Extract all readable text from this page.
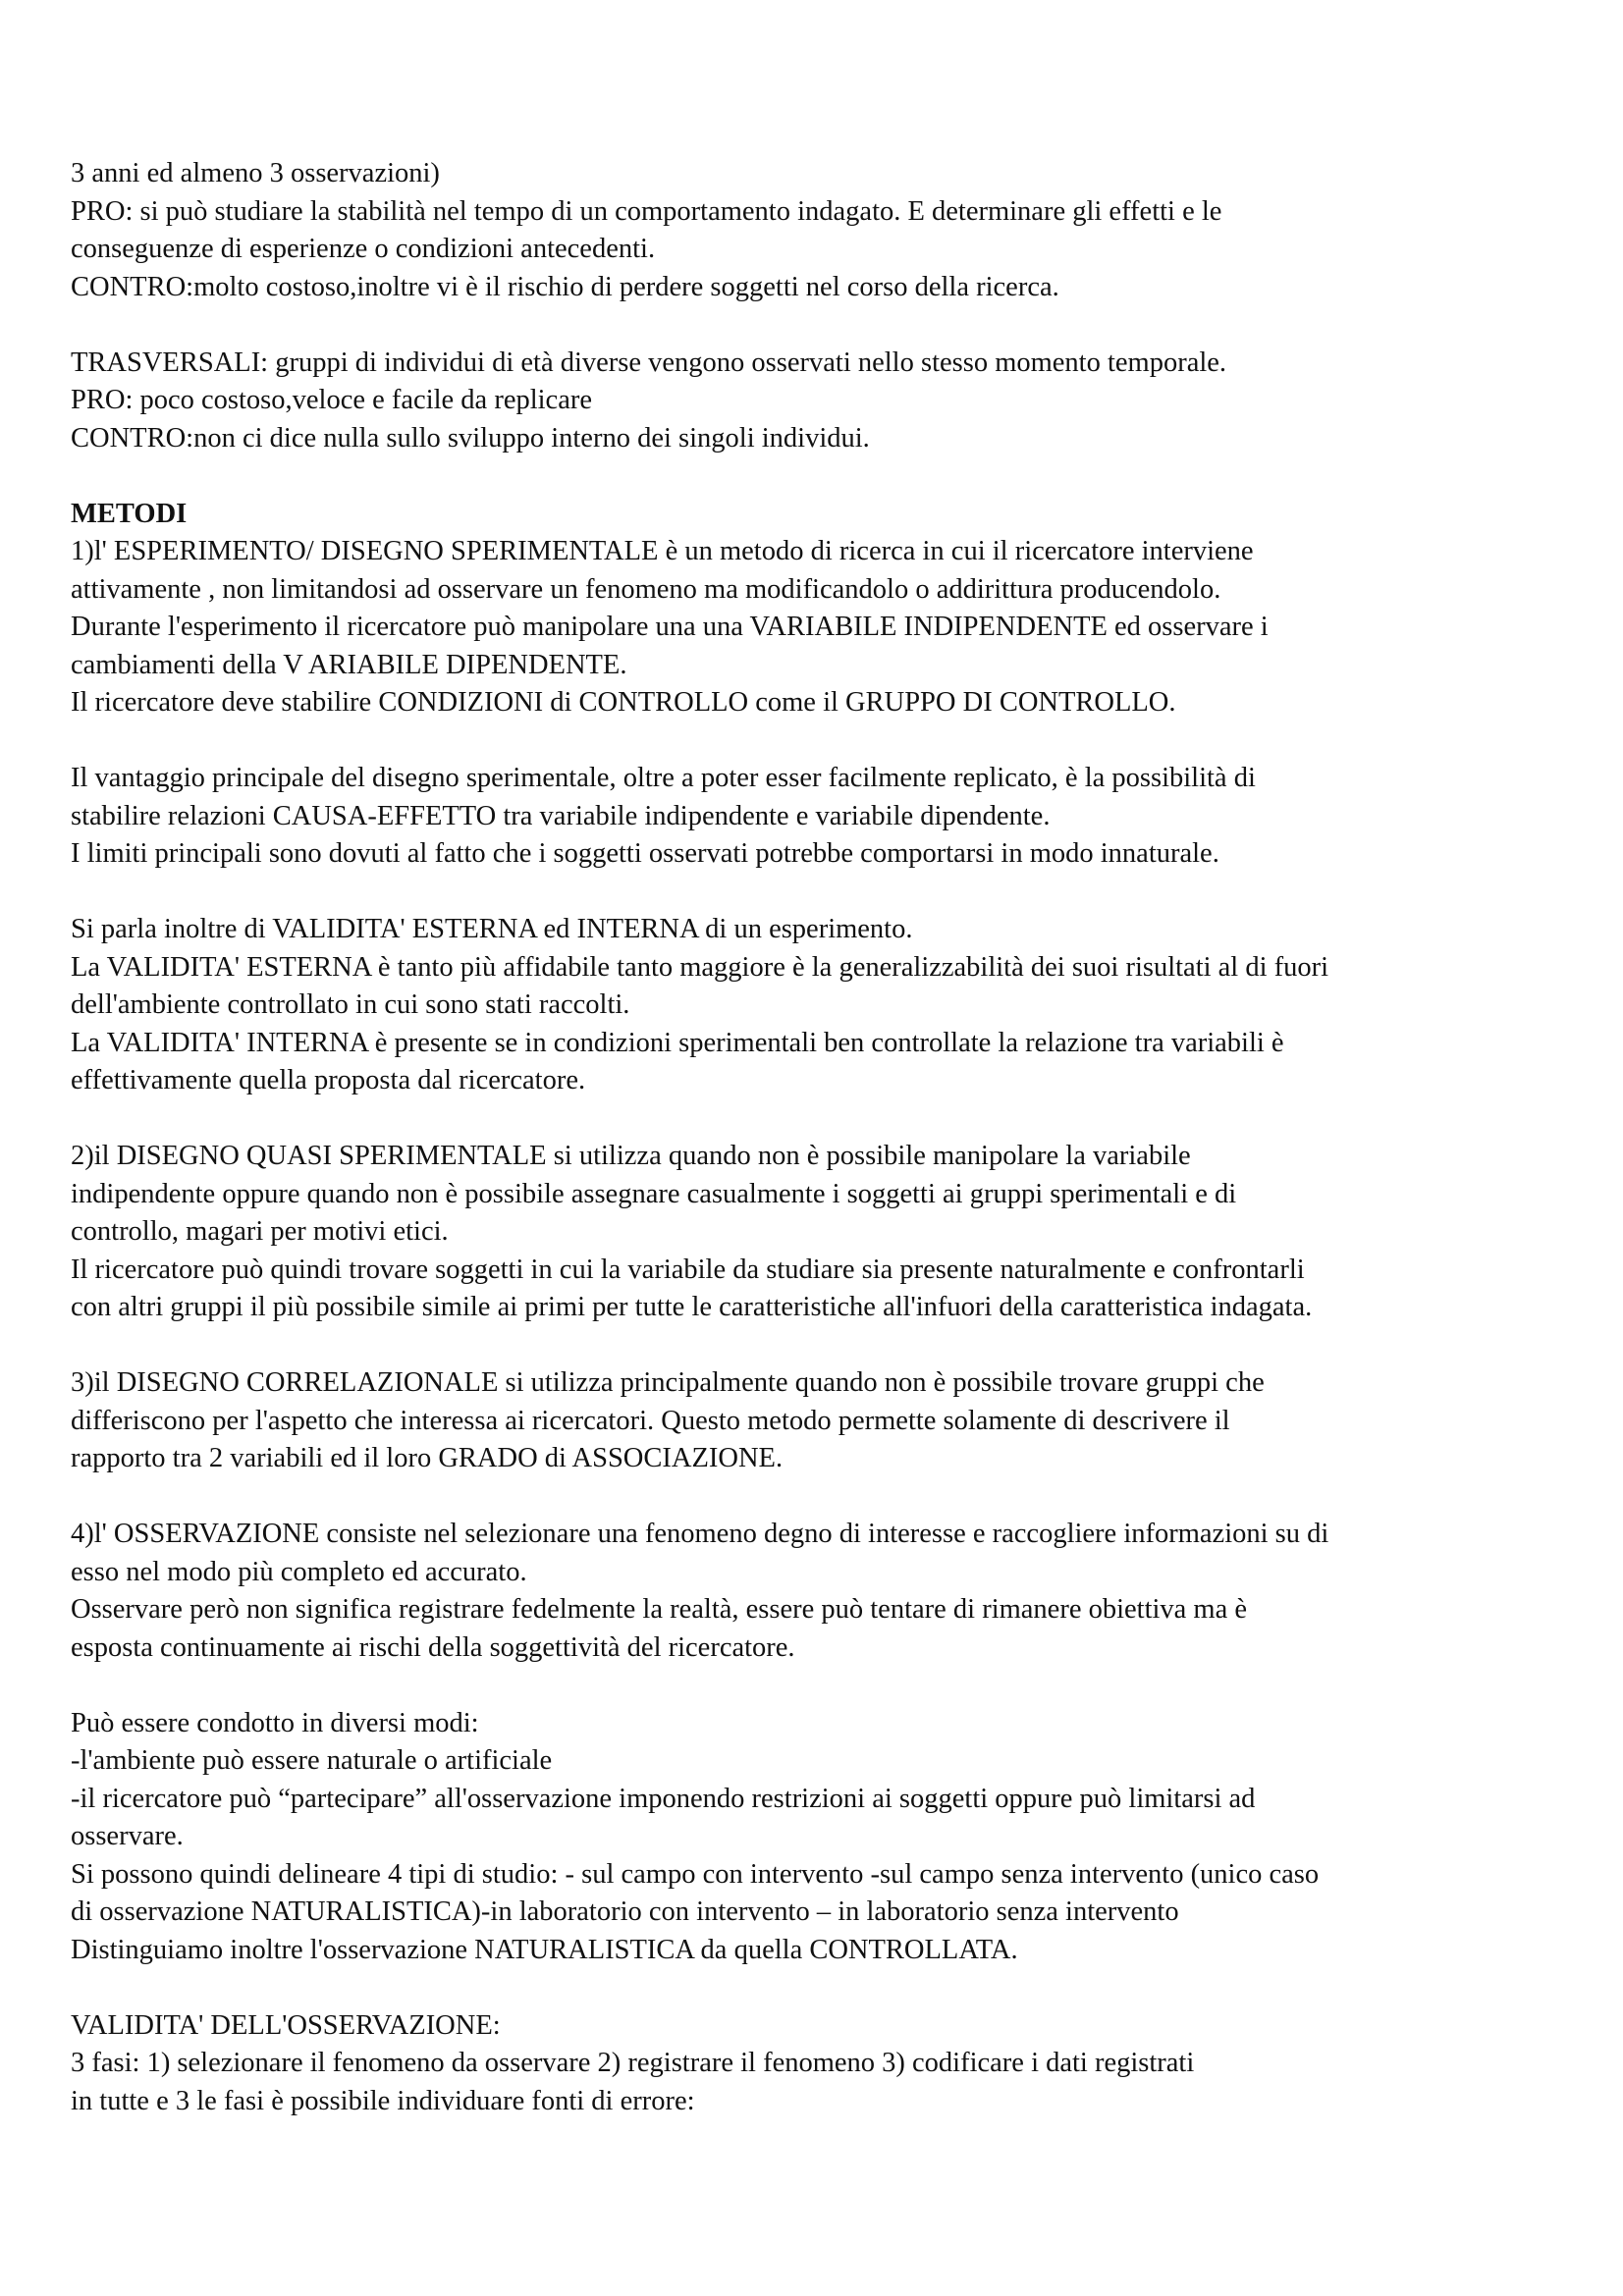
3 anni ed almeno 3 osservazioni)
PRO: si può studiare la stabilità nel tempo di un comportamento indagato. E determinare gli effetti e le
conseguenze di esperienze o condizioni antecedenti.
CONTRO:molto costoso,inoltre vi è il rischio di perdere soggetti nel corso della ricerca.
TRASVERSALI: gruppi di individui di età diverse vengono osservati nello stesso momento temporale.
PRO: poco costoso,veloce e facile da replicare
CONTRO:non ci dice nulla sullo sviluppo interno dei singoli individui.
METODI
1)l' ESPERIMENTO/ DISEGNO SPERIMENTALE è un metodo di ricerca in cui il ricercatore interviene
attivamente , non limitandosi ad osservare un fenomeno ma modificandolo o addirittura producendolo.
Durante l'esperimento il ricercatore può manipolare una una VARIABILE INDIPENDENTE ed osservare i
cambiamenti della V ARIABILE DIPENDENTE.
Il ricercatore deve stabilire CONDIZIONI di CONTROLLO come il GRUPPO DI CONTROLLO.
Il vantaggio principale del disegno sperimentale, oltre a poter esser facilmente replicato, è la possibilità di
stabilire relazioni CAUSA-EFFETTO tra variabile indipendente e variabile dipendente.
I limiti principali sono dovuti al fatto che i soggetti osservati potrebbe comportarsi in modo innaturale.
Si parla inoltre di VALIDITA' ESTERNA ed INTERNA di un esperimento.
La VALIDITA' ESTERNA è tanto più affidabile tanto maggiore è la generalizzabilità dei suoi risultati al di fuori
dell'ambiente controllato in cui sono stati raccolti.
La VALIDITA' INTERNA è presente se in condizioni sperimentali ben controllate la relazione tra variabili è
effettivamente quella proposta dal ricercatore.
2)il DISEGNO QUASI SPERIMENTALE si utilizza quando non è possibile manipolare la variabile
indipendente oppure quando non è possibile assegnare casualmente i soggetti ai gruppi sperimentali e di
controllo, magari per motivi etici.
Il ricercatore può quindi trovare soggetti in cui la variabile da studiare sia presente naturalmente e confrontarli
con altri gruppi il più possibile simile ai primi per tutte le caratteristiche all'infuori della caratteristica indagata.
3)il DISEGNO CORRELAZIONALE si utilizza principalmente quando non è possibile trovare gruppi che
differiscono per l'aspetto che interessa ai ricercatori. Questo metodo permette solamente di descrivere il
rapporto tra 2 variabili ed il loro GRADO di ASSOCIAZIONE.
4)l' OSSERVAZIONE consiste nel selezionare una fenomeno degno di interesse e raccogliere informazioni su di
esso nel modo più completo ed accurato.
Osservare però non significa registrare fedelmente la realtà, essere può tentare di rimanere obiettiva ma è
esposta continuamente ai rischi della soggettività del ricercatore.
Può essere condotto in diversi modi:
-l'ambiente può essere naturale o artificiale
-il ricercatore può “partecipare” all'osservazione imponendo restrizioni ai soggetti oppure può limitarsi ad
osservare.
Si possono quindi delineare 4 tipi di studio: - sul campo con intervento -sul campo senza intervento (unico caso
di osservazione NATURALISTICA)-in laboratorio con intervento – in laboratorio senza intervento
Distinguiamo inoltre l'osservazione NATURALISTICA da quella CONTROLLATA.
VALIDITA' DELL'OSSERVAZIONE:
3 fasi: 1) selezionare il fenomeno da osservare 2) registrare il fenomeno 3) codificare i dati registrati
in tutte e 3 le fasi è possibile individuare fonti di errore:
